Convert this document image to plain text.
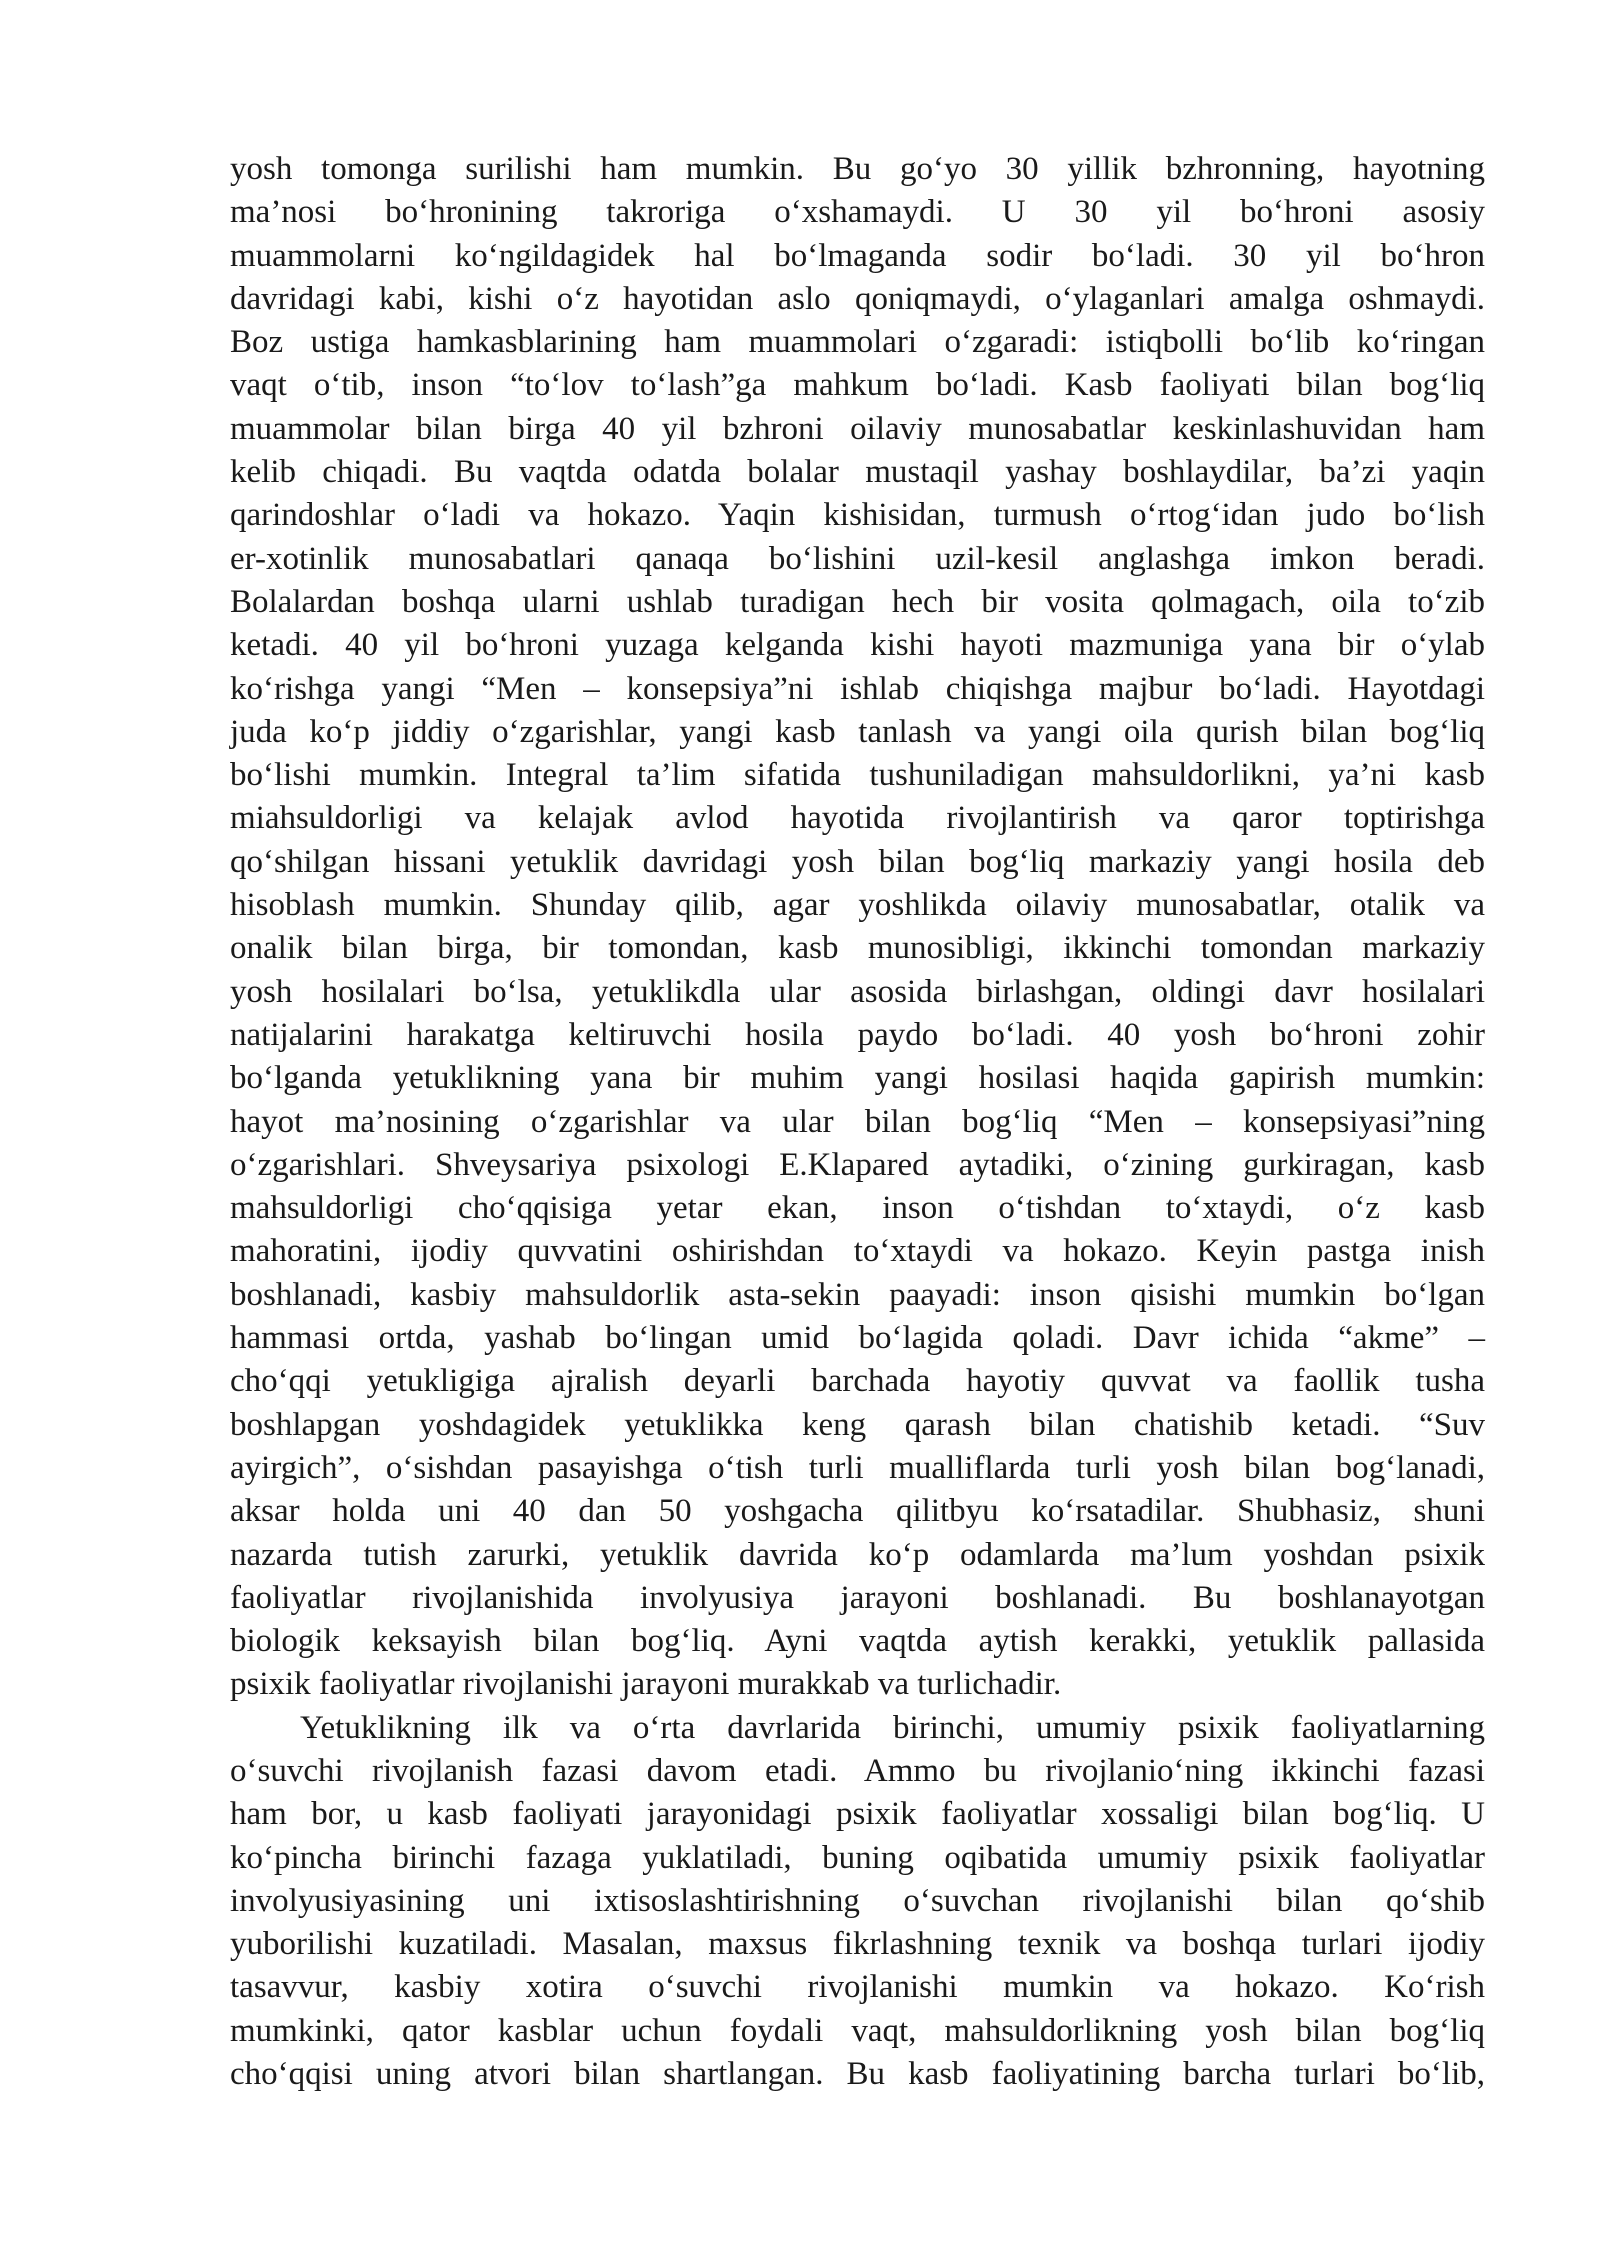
yosh tomonga surilishi ham mumkin. Bu go‘yo 30 yillik bzhronning, hayotning
ma’nosi bo‘hronining takroriga o‘xshamaydi. U 30 yil bo‘hroni asosiy
muammolarni ko‘ngildagidek hal bo‘lmaganda sodir bo‘ladi. 30 yil bo‘hron
davridagi kabi, kishi o‘z hayotidan aslo qoniqmaydi, o‘ylaganlari amalga oshmaydi.
Boz ustiga hamkasblarining ham muammolari o‘zgaradi: istiqbolli bo‘lib ko‘ringan
vaqt o‘tib, inson “to‘lov to‘lash”ga mahkum bo‘ladi. Kasb faoliyati bilan bog‘liq
muammolar bilan birga 40 yil bzhroni oilaviy munosabatlar keskinlashuvidan ham
kelib chiqadi. Bu vaqtda odatda bolalar mustaqil yashay boshlaydilar, ba’zi yaqin
qarindoshlar o‘ladi va hokazo. Yaqin kishisidan, turmush o‘rtog‘idan judo bo‘lish
er-xotinlik munosabatlari qanaqa bo‘lishini uzil-kesil anglashga imkon beradi.
Bolalardan boshqa ularni ushlab turadigan hech bir vosita qolmagach, oila to‘zib
ketadi. 40 yil bo‘hroni yuzaga kelganda kishi hayoti mazmuniga yana bir o‘ylab
ko‘rishga yangi “Men – konsepsiya”ni ishlab chiqishga majbur bo‘ladi. Hayotdagi
juda ko‘p jiddiy o‘zgarishlar, yangi kasb tanlash va yangi oila qurish bilan bog‘liq
bo‘lishi mumkin. Integral ta’lim sifatida tushuniladigan mahsuldorlikni, ya’ni kasb
miahsuldorligi va kelajak avlod hayotida rivojlantirish va qaror toptirishga
qo‘shilgan hissani yetuklik davridagi yosh bilan bog‘liq markaziy yangi hosila deb
hisoblash mumkin. Shunday qilib, agar yoshlikda oilaviy munosabatlar, otalik va
onalik bilan birga, bir tomondan, kasb munosibligi, ikkinchi tomondan markaziy
yosh hosilalari bo‘lsa, yetuklikdla ular asosida birlashgan, oldingi davr hosilalari
natijalarini harakatga keltiruvchi hosila paydo bo‘ladi. 40 yosh bo‘hroni zohir
bo‘lganda yetuklikning yana bir muhim yangi hosilasi haqida gapirish mumkin:
hayot ma’nosining o‘zgarishlar va ular bilan bog‘liq “Men – konsepsiyasi”ning
o‘zgarishlari. Shveysariya psixologi E.Klapared aytadiki, o‘zining gurkiragan, kasb
mahsuldorligi cho‘qqisiga yetar ekan, inson o‘tishdan to‘xtaydi, o‘z kasb
mahoratini, ijodiy quvvatini oshirishdan to‘xtaydi va hokazo. Keyin pastga inish
boshlanadi, kasbiy mahsuldorlik asta-sekin paayadi: inson qisishi mumkin bo‘lgan
hammasi ortda, yashab bo‘lingan umid bo‘lagida qoladi. Davr ichida “akme” –
cho‘qqi yetukligiga ajralish deyarli barchada hayotiy quvvat va faollik tusha
boshlapgan yoshdagidek yetuklikka keng qarash bilan chatishib ketadi. “Suv
ayirgich”, o‘sishdan pasayishga o‘tish turli mualliflarda turli yosh bilan bog‘lanadi,
aksar holda uni 40 dan 50 yoshgacha qilitbyu ko‘rsatadilar. Shubhasiz, shuni
nazarda tutish zarurki, yetuklik davrida ko‘p odamlarda ma’lum yoshdan psixik
faoliyatlar rivojlanishida involyusiya jarayoni boshlanadi. Bu boshlanayotgan
biologik keksayish bilan bog‘liq. Ayni vaqtda aytish kerakki, yetuklik pallasida
psixik faoliyatlar rivojlanishi jarayoni murakkab va turlichadir.
Yetuklikning ilk va o‘rta davrlarida birinchi, umumiy psixik faoliyatlarning
o‘suvchi rivojlanish fazasi davom etadi. Ammo bu rivojlanio‘ning ikkinchi fazasi
ham bor, u kasb faoliyati jarayonidagi psixik faoliyatlar xossaligi bilan bog‘liq. U
ko‘pincha birinchi fazaga yuklatiladi, buning oqibatida umumiy psixik faoliyatlar
involyusiyasining uni ixtisoslashtirishning o‘suvchan rivojlanishi bilan qo‘shib
yuborilishi kuzatiladi. Masalan, maxsus fikrlashning texnik va boshqa turlari ijodiy
tasavvur, kasbiy xotira o‘suvchi rivojlanishi mumkin va hokazo. Ko‘rish
mumkinki, qator kasblar uchun foydali vaqt, mahsuldorlikning yosh bilan bog‘liq
cho‘qqisi uning atvori bilan shartlangan. Bu kasb faoliyatining barcha turlari bo‘lib,
